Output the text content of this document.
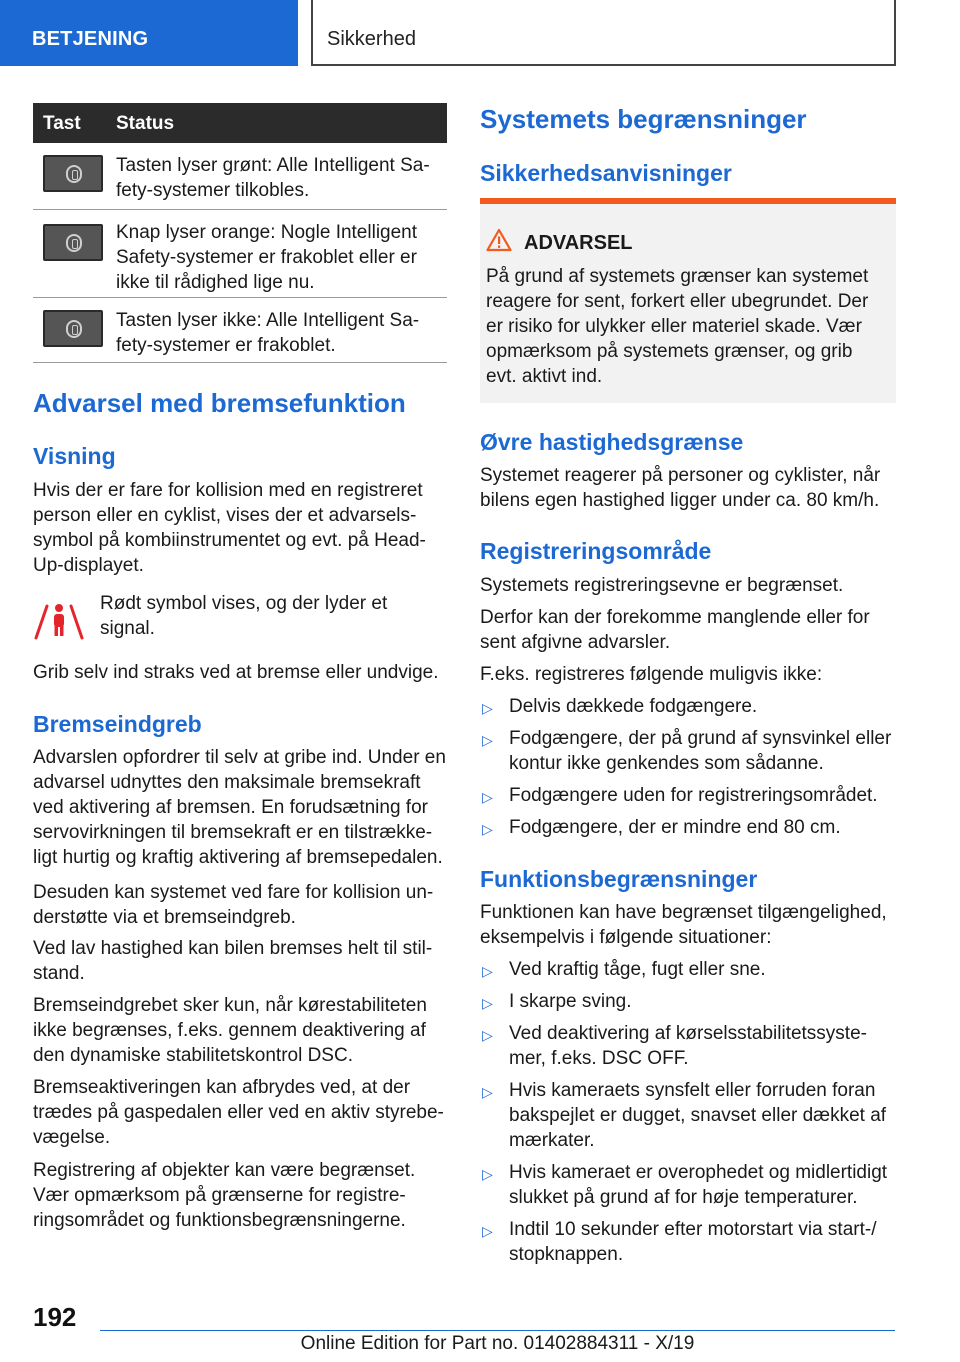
BETJENING	Sikkerhed
Tast Status
Tasten lyser grønt: Alle Intelligent Sa-
fety-systemer tilkobles.
Knap lyser orange: Nogle Intelligent
Safety-systemer er frakoblet eller er
ikke til rådighed lige nu.
Tasten lyser ikke: Alle Intelligent Sa-
fety-systemer er frakoblet.
Advarsel med bremsefunktion
Visning

Hvis der er fare for kollision med en registreret

person eller en cyklist, vises der et advarsels-

symbol på kombiinstrumentet og evt. på Head-

Up-displayet.

Rødt symbol vises, og der lyder et signal.

Grib selv ind straks ved at bremse eller undvige.

Bremseindgreb

Advarslen opfordrer til selv at gribe ind. Under en

advarsel udnyttes den maksimale bremsekraft

ved aktivering af bremsen. En forudsætning for

servovirkningen til bremsekraft er en tilstrække-

ligt hurtig og kraftig aktivering af bremsepedalen.

Desuden kan systemet ved fare for kollision un-

derstøtte via et bremseindgreb.

Ved lav hastighed kan bilen bremses helt til stil-

stand.

Bremseindgrebet sker kun, når kørestabiliteten

ikke begrænses, f.eks. gennem deaktivering af

den dynamiske stabilitetskontrol DSC.

Bremseaktiveringen kan afbrydes ved, at der

trædes på gaspedalen eller ved en aktiv styrebe-

vægelse.

Registrering af objekter kan være begrænset.

Vær opmærksom på grænserne for registre-

ringsområdet og funktionsbegrænsningerne.

Systemets begrænsninger
Sikkerhedsanvisninger
ADVARSEL

På grund af systemets grænser kan systemet

reagere for sent, forkert eller ubegrundet. Der

er risiko for ulykker eller materiel skade. Vær

opmærksom på systemets grænser, og grib

evt. aktivt ind.

Øvre hastighedsgrænse

Systemet reagerer på personer og cyklister, når

bilens egen hastighed ligger under ca. 80 km/h.

Registreringsområde

Systemets registreringsevne er begrænset.

Derfor kan der forekomme manglende eller for

sent afgivne advarsler.

F.eks. registreres følgende muligvis ikke:

▷ Delvis dækkede fodgængere.
▷ Fodgængere, der på grund af synsvinkel eller
kontur ikke genkendes som sådanne.
▷ Fodgængere uden for registreringsområdet.
▷ Fodgængere, der er mindre end 80 cm.
Funktionsbegrænsninger

Funktionen kan have begrænset tilgængelighed,

eksempelvis i følgende situationer:

▷ Ved kraftig tåge, fugt eller sne.
▷ I skarpe sving.
▷ Ved deaktivering af kørselsstabilitetssyste-
mer, f.eks. DSC OFF.
▷ Hvis kameraets synsfelt eller forruden foran
bakspejlet er dugget, snavset eller dækket af
mærkater.
▷ Hvis kameraet er overophedet og midlertidigt
slukket på grund af for høje temperaturer.
▷ Indtil 10 sekunder efter motorstart via start-/
stopknappen.
192
Online Edition for Part no. 01402884311 - X/19
